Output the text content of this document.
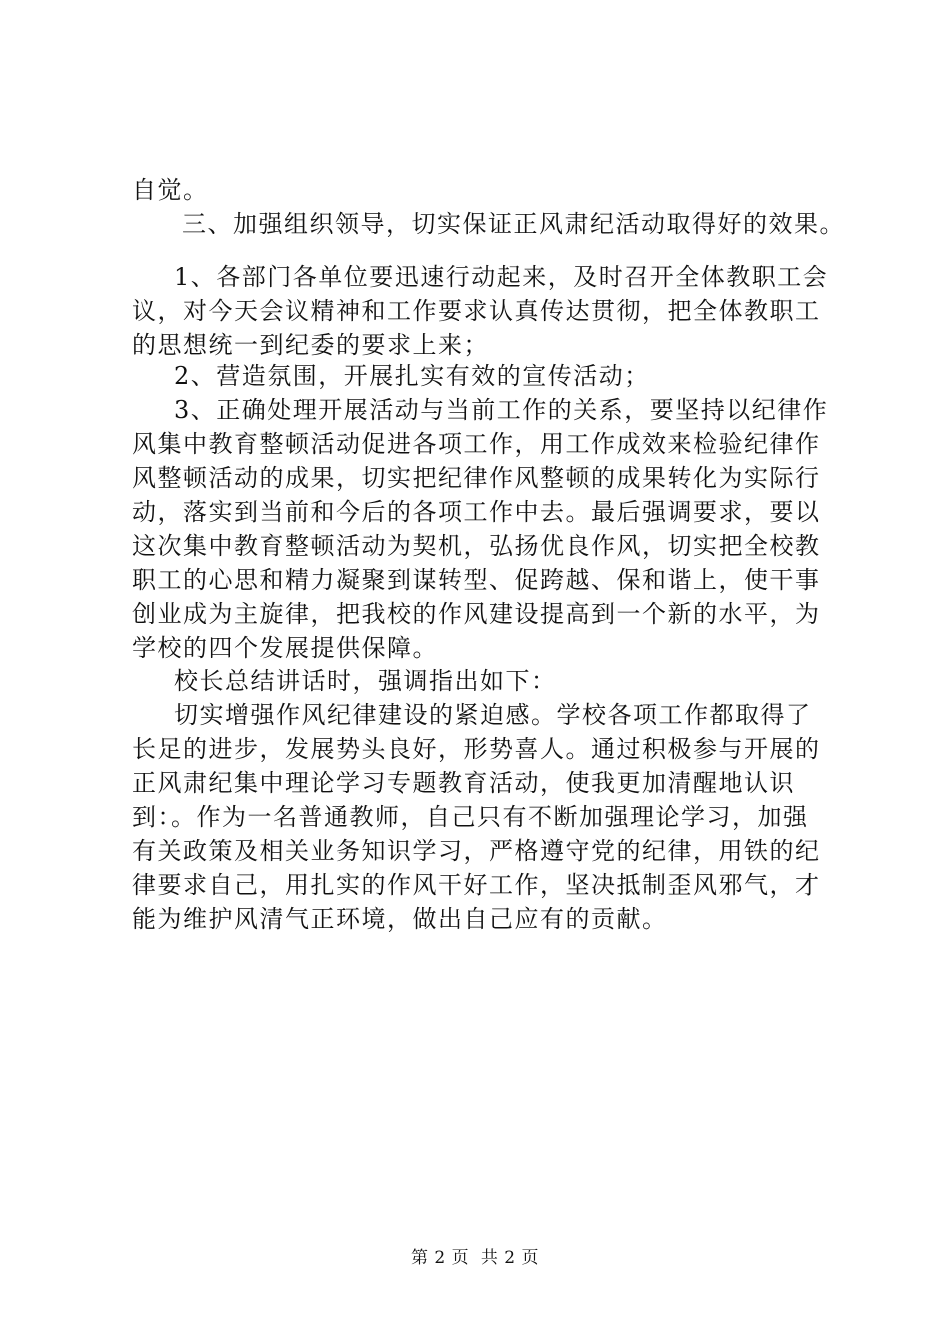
自觉。
三、加强组织领导，切实保证正风肃纪活动取得好的效果。
1、各部门各单位要迅速行动起来，及时召开全体教职工会
议，对今天会议精神和工作要求认真传达贯彻，把全体教职工
的思想统一到纪委的要求上来；
2、营造氛围，开展扎实有效的宣传活动；
3、正确处理开展活动与当前工作的关系，要坚持以纪律作
风集中教育整顿活动促进各项工作，用工作成效来检验纪律作
风整顿活动的成果，切实把纪律作风整顿的成果转化为实际行
动，落实到当前和今后的各项工作中去。最后强调要求，要以
这次集中教育整顿活动为契机，弘扬优良作风，切实把全校教
职工的心思和精力凝聚到谋转型、促跨越、保和谐上，使干事
创业成为主旋律，把我校的作风建设提高到一个新的水平，为
学校的四个发展提供保障。
校长总结讲话时，强调指出如下：
切实增强作风纪律建设的紧迫感。学校各项工作都取得了
长足的进步，发展势头良好，形势喜人。通过积极参与开展的
正风肃纪集中理论学习专题教育活动，使我更加清醒地认识
到：。作为一名普通教师，自己只有不断加强理论学习，加强
有关政策及相关业务知识学习，严格遵守党的纪律，用铁的纪
律要求自己，用扎实的作风干好工作，坚决抵制歪风邪气，才
能为维护风清气正环境，做出自己应有的贡献。
第 2 页  共 2 页
